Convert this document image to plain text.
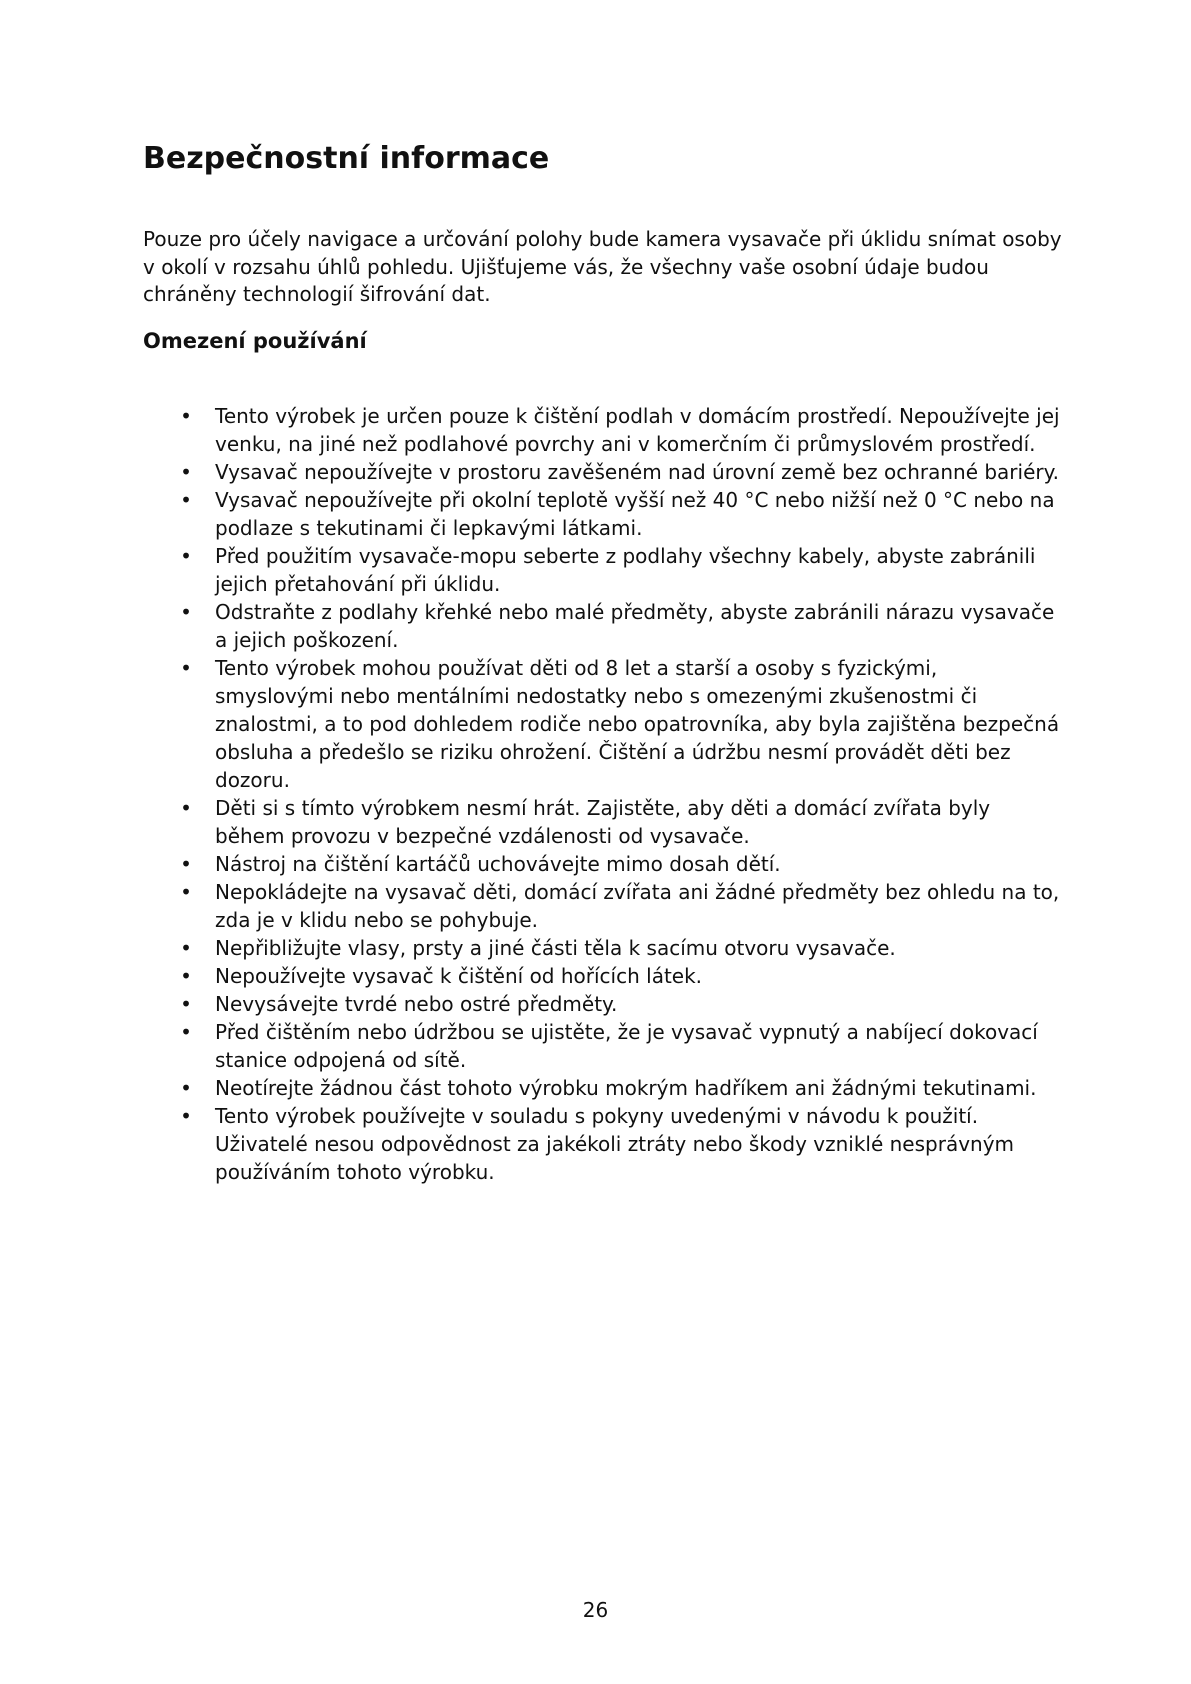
Bezpečnostní informace

Pouze pro účely navigace a určování polohy bude kamera vysavače při úklidu snímat osoby v okolí v rozsahu úhlů pohledu. Ujišťujeme vás, že všechny vaše osobní údaje budou chráněny technologií šifrování dat.

Omezení používání
• Tento výrobek je určen pouze k čištění podlah v domácím prostředí. Nepoužívejte jej venku, na jiné než podlahové povrchy ani v komerčním či průmyslovém prostředí.
• Vysavač nepoužívejte v prostoru zavěšeném nad úrovní země bez ochranné bariéry.
• Vysavač nepoužívejte při okolní teplotě vyšší než 40 °C nebo nižší než 0 °C nebo na podlaze s tekutinami či lepkavými látkami.
• Před použitím vysavače-mopu seberte z podlahy všechny kabely, abyste zabránili jejich přetahování při úklidu.
• Odstraňte z podlahy křehké nebo malé předměty, abyste zabránili nárazu vysavače a jejich poškození.
• Tento výrobek mohou používat děti od 8 let a starší a osoby s fyzickými, smyslovými nebo mentálními nedostatky nebo s omezenými zkušenostmi či znalostmi, a to pod dohledem rodiče nebo opatrovníka, aby byla zajištěna bezpečná obsluha a předešlo se riziku ohrožení. Čištění a údržbu nesmí provádět děti bez dozoru.
• Děti si s tímto výrobkem nesmí hrát. Zajistěte, aby děti a domácí zvířata byly během provozu v bezpečné vzdálenosti od vysavače.
• Nástroj na čištění kartáčů uchovávejte mimo dosah dětí.
• Nepokládejte na vysavač děti, domácí zvířata ani žádné předměty bez ohledu na to, zda je v klidu nebo se pohybuje.
• Nepřibližujte vlasy, prsty a jiné části těla k sacímu otvoru vysavače.
• Nepoužívejte vysavač k čištění od hořících látek.
• Nevysávejte tvrdé nebo ostré předměty.
• Před čištěním nebo údržbou se ujistěte, že je vysavač vypnutý a nabíjecí dokovací stanice odpojená od sítě.
• Neotírejte žádnou část tohoto výrobku mokrým hadříkem ani žádnými tekutinami.
• Tento výrobek používejte v souladu s pokyny uvedenými v návodu k použití. Uživatelé nesou odpovědnost za jakékoli ztráty nebo škody vzniklé nesprávným používáním tohoto výrobku.
26
